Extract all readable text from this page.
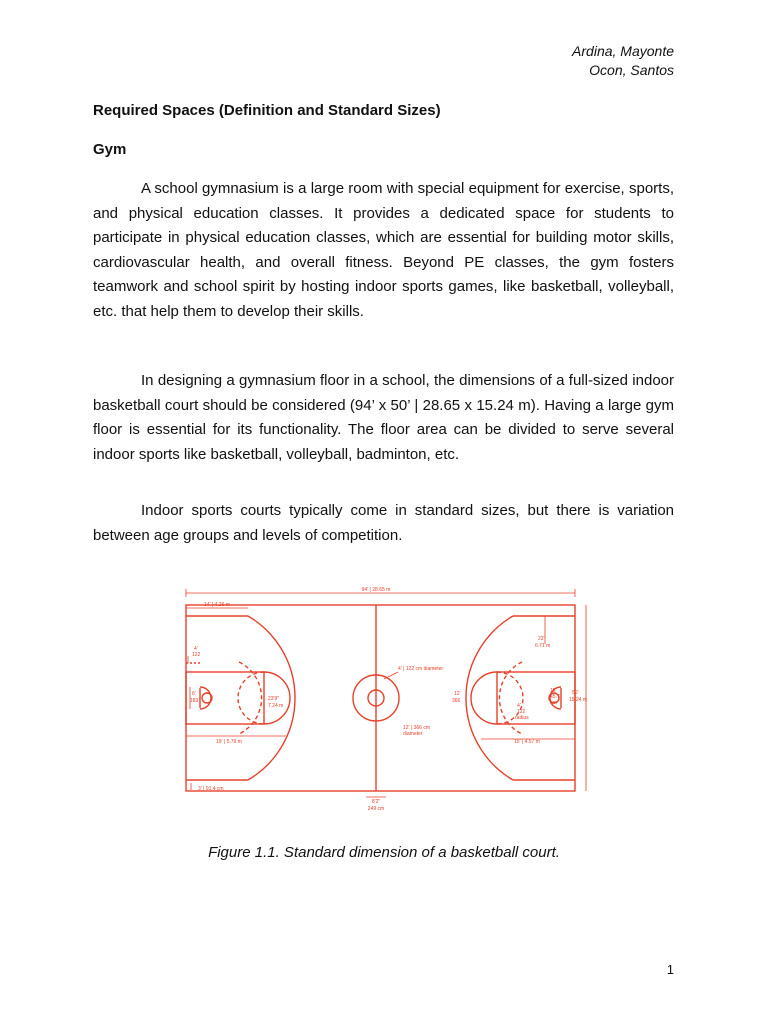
Ardina, Mayonte
Ocon, Santos
Required Spaces (Definition and Standard Sizes)
Gym

A school gymnasium is a large room with special equipment for exercise, sports, and physical education classes. It provides a dedicated space for students to participate in physical education classes, which are essential for building motor skills, cardiovascular health, and overall fitness. Beyond PE classes, the gym fosters teamwork and school spirit by hosting indoor sports games, like basketball, volleyball, etc. that help them to develop their skills.

In designing a gymnasium floor in a school, the dimensions of a full-sized indoor basketball court should be considered (94’ x 50’ | 28.65 x 15.24 m). Having a large gym floor is essential for its functionality. The floor area can be divided to serve several indoor sports like basketball, volleyball, badminton, etc.

Indoor sports courts typically come in standard sizes, but there is variation between age groups and levels of competition.

94' | 28.65 m
14' | 4.26 m
4'
122
6'
183	23'9"
7.24 m
19' | 5.79 m
3' | 91.4 cm
4' | 122 cm diameter
12' | 366 cm
diameter
12'
366
22'
6.71 m
4'
122
radius
15'
45.7
cm
50'
15.24 m
15' | 4.57 m
8'2"
249 cm
Figure 1.1. Standard dimension of a basketball court.
1
